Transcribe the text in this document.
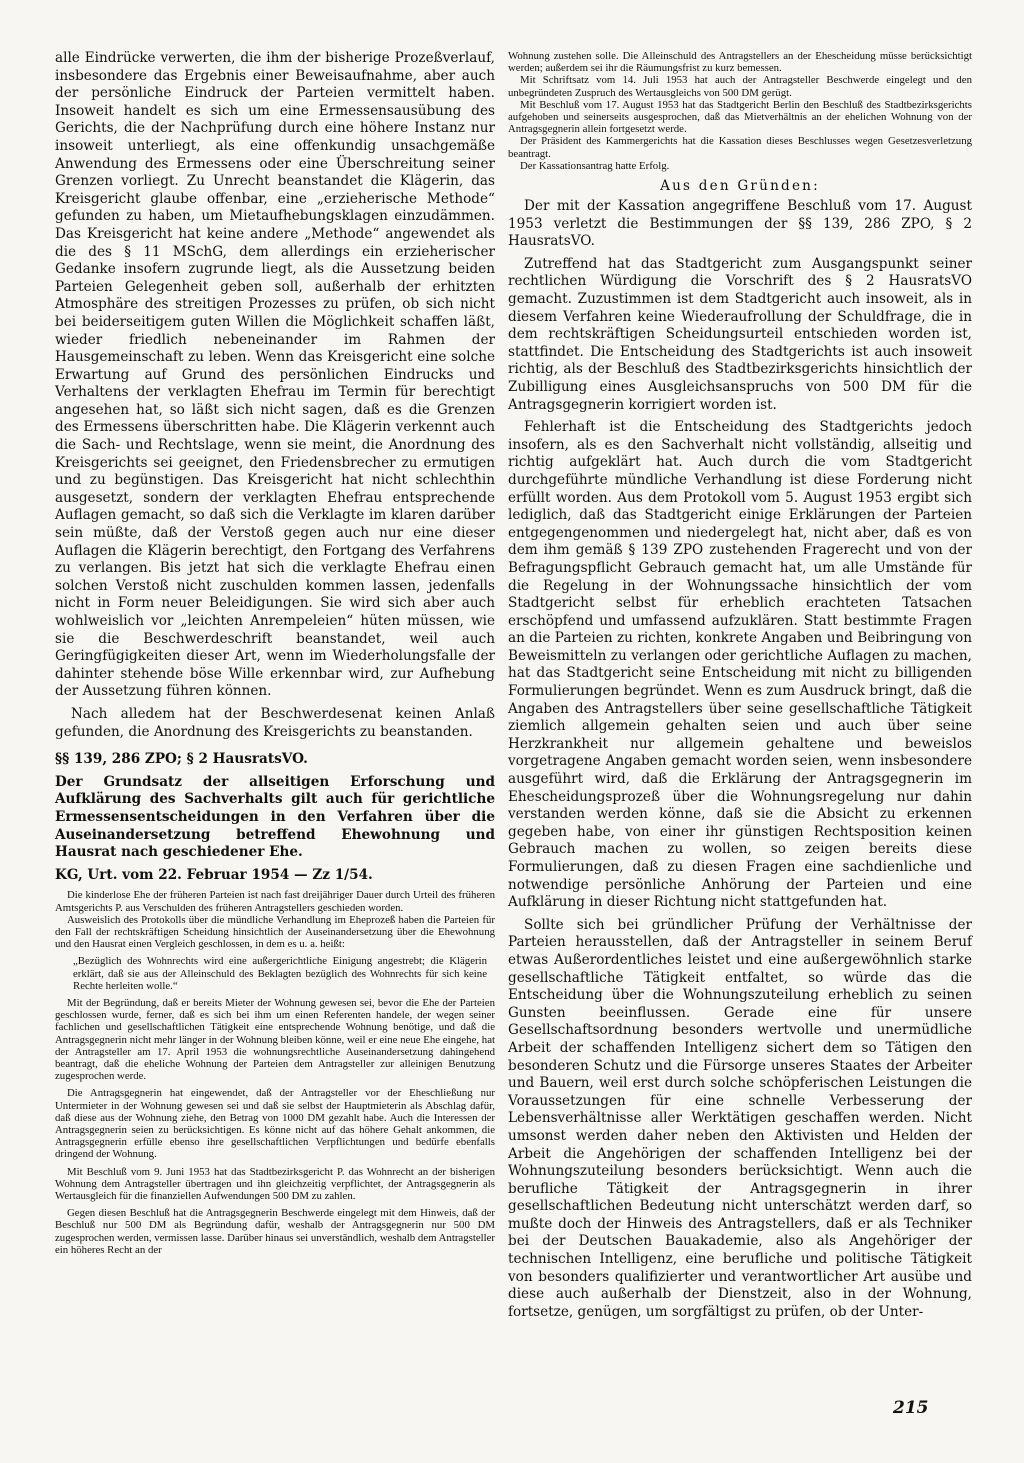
alle Eindrücke verwerten, die ihm der bisherige Prozeßverlauf, insbesondere das Ergebnis einer Beweisaufnahme, aber auch der persönliche Eindruck der Parteien vermittelt haben. Insoweit handelt es sich um eine Ermessensausübung des Gerichts, die der Nachprüfung durch eine höhere Instanz nur insoweit unterliegt, als eine offenkundig unsachgemäße Anwendung des Ermessens oder eine Überschreitung seiner Grenzen vorliegt. Zu Unrecht beanstandet die Klägerin, das Kreisgericht glaube offenbar, eine „erzieherische Methode“ gefunden zu haben, um Mietaufhebungsklagen einzudämmen. Das Kreisgericht hat keine andere „Methode“ angewendet als die des § 11 MSchG, dem allerdings ein erzieherischer Gedanke insofern zugrunde liegt, als die Aussetzung beiden Parteien Gelegenheit geben soll, außerhalb der erhitzten Atmosphäre des streitigen Prozesses zu prüfen, ob sich nicht bei beiderseitigem guten Willen die Möglichkeit schaffen läßt, wieder friedlich nebeneinander im Rahmen der Hausgemeinschaft zu leben. Wenn das Kreisgericht eine solche Erwartung auf Grund des persönlichen Eindrucks und Verhaltens der verklagten Ehefrau im Termin für berechtigt angesehen hat, so läßt sich nicht sagen, daß es die Grenzen des Ermessens überschritten habe. Die Klägerin verkennt auch die Sach- und Rechtslage, wenn sie meint, die Anordnung des Kreisgerichts sei geeignet, den Friedensbrecher zu ermutigen und zu begünstigen. Das Kreisgericht hat nicht schlechthin ausgesetzt, sondern der verklagten Ehefrau entsprechende Auflagen gemacht, so daß sich die Verklagte im klaren darüber sein müßte, daß der Verstoß gegen auch nur eine dieser Auflagen die Klägerin berechtigt, den Fortgang des Verfahrens zu verlangen. Bis jetzt hat sich die verklagte Ehefrau einen solchen Verstoß nicht zuschulden kommen lassen, jedenfalls nicht in Form neuer Beleidigungen. Sie wird sich aber auch wohlweislich vor „leichten Anrempeleien“ hüten müssen, wie sie die Beschwerdeschrift beanstandet, weil auch Geringfügigkeiten dieser Art, wenn im Wiederholungsfalle der dahinter stehende böse Wille erkennbar wird, zur Aufhebung der Aussetzung führen können.

Nach alledem hat der Beschwerdesenat keinen Anlaß gefunden, die Anordnung des Kreisgerichts zu beanstanden.

§§ 139, 286 ZPO; § 2 HausratsVO.

Der Grundsatz der allseitigen Erforschung und Aufklärung des Sachverhalts gilt auch für gerichtliche Ermessensentscheidungen in den Verfahren über die Auseinandersetzung betreffend Ehewohnung und Hausrat nach geschiedener Ehe.

KG, Urt. vom 22. Februar 1954 — Zz 1/54.

Die kinderlose Ehe der früheren Parteien ist nach fast dreijähriger Dauer durch Urteil des früheren Amtsgerichts P. aus Verschulden des früheren Antragstellers geschieden worden.

Ausweislich des Protokolls über die mündliche Verhandlung im Eheprozeß haben die Parteien für den Fall der rechtskräftigen Scheidung hinsichtlich der Auseinandersetzung über die Ehewohnung und den Hausrat einen Vergleich geschlossen, in dem es u. a. heißt:

„Bezüglich des Wohnrechts wird eine außergerichtliche Einigung angestrebt; die Klägerin erklärt, daß sie aus der Alleinschuld des Beklagten bezüglich des Wohnrechts für sich keine Rechte herleiten wolle.“

Mit der Begründung, daß er bereits Mieter der Wohnung gewesen sei, bevor die Ehe der Parteien geschlossen wurde, ferner, daß es sich bei ihm um einen Referenten handele, der wegen seiner fachlichen und gesellschaftlichen Tätigkeit eine entsprechende Wohnung benötige, und daß die Antragsgegnerin nicht mehr länger in der Wohnung bleiben könne, weil er eine neue Ehe eingehe, hat der Antragsteller am 17. April 1953 die wohnungsrechtliche Auseinandersetzung dahingehend beantragt, daß die eheliche Wohnung der Parteien dem Antragsteller zur alleinigen Benutzung zugesprochen werde.

Die Antragsgegnerin hat eingewendet, daß der Antragsteller vor der Eheschließung nur Untermieter in der Wohnung gewesen sei und daß sie selbst der Hauptmieterin als Abschlag dafür, daß diese aus der Wohnung ziehe, den Betrag von 1000 DM gezahlt habe. Auch die Interessen der Antragsgegnerin seien zu berücksichtigen. Es könne nicht auf das höhere Gehalt ankommen, die Antragsgegnerin erfülle ebenso ihre gesellschaftlichen Verpflichtungen und bedürfe ebenfalls dringend der Wohnung.

Mit Beschluß vom 9. Juni 1953 hat das Stadtbezirksgericht P. das Wohnrecht an der bisherigen Wohnung dem Antragsteller übertragen und ihn gleichzeitig verpflichtet, der Antragsgegnerin als Wertausgleich für die finanziellen Aufwendungen 500 DM zu zahlen.

Gegen diesen Beschluß hat die Antragsgegnerin Beschwerde eingelegt mit dem Hinweis, daß der Beschluß nur 500 DM als Begründung dafür, weshalb der Antragsgegnerin nur 500 DM zugesprochen werden, vermissen lasse. Darüber hinaus sei unverständlich, weshalb dem Antragsteller ein höheres Recht an der

Wohnung zustehen solle. Die Alleinschuld des Antragstellers an der Ehescheidung müsse berücksichtigt werden; außerdem sei ihr die Räumungsfrist zu kurz bemessen.

Mit Schriftsatz vom 14. Juli 1953 hat auch der Antragsteller Beschwerde eingelegt und den unbegründeten Zuspruch des Wertausgleichs von 500 DM gerügt.

Mit Beschluß vom 17. August 1953 hat das Stadtgericht Berlin den Beschluß des Stadtbezirksgerichts aufgehoben und seinerseits ausgesprochen, daß das Mietverhältnis an der ehelichen Wohnung von der Antragsgegnerin allein fortgesetzt werde.

Der Präsident des Kammergerichts hat die Kassation dieses Beschlusses wegen Gesetzesverletzung beantragt.

Der Kassationsantrag hatte Erfolg.

Aus den Gründen:

Der mit der Kassation angegriffene Beschluß vom 17. August 1953 verletzt die Bestimmungen der §§ 139, 286 ZPO, § 2 HausratsVO.

Zutreffend hat das Stadtgericht zum Ausgangspunkt seiner rechtlichen Würdigung die Vorschrift des § 2 HausratsVO gemacht. Zuzustimmen ist dem Stadtgericht auch insoweit, als in diesem Verfahren keine Wiederaufrollung der Schuldfrage, die in dem rechtskräftigen Scheidungsurteil entschieden worden ist, stattfindet. Die Entscheidung des Stadtgerichts ist auch insoweit richtig, als der Beschluß des Stadtbezirksgerichts hinsichtlich der Zubilligung eines Ausgleichsanspruchs von 500 DM für die Antragsgegnerin korrigiert worden ist.

Fehlerhaft ist die Entscheidung des Stadtgerichts jedoch insofern, als es den Sachverhalt nicht vollständig, allseitig und richtig aufgeklärt hat. Auch durch die vom Stadtgericht durchgeführte mündliche Verhandlung ist diese Forderung nicht erfüllt worden. Aus dem Protokoll vom 5. August 1953 ergibt sich lediglich, daß das Stadtgericht einige Erklärungen der Parteien entgegengenommen und niedergelegt hat, nicht aber, daß es von dem ihm gemäß § 139 ZPO zustehenden Fragerecht und von der Befragungspflicht Gebrauch gemacht hat, um alle Umstände für die Regelung in der Wohnungssache hinsichtlich der vom Stadtgericht selbst für erheblich erachteten Tatsachen erschöpfend und umfassend aufzuklären. Statt bestimmte Fragen an die Parteien zu richten, konkrete Angaben und Beibringung von Beweismitteln zu verlangen oder gerichtliche Auflagen zu machen, hat das Stadtgericht seine Entscheidung mit nicht zu billigenden Formulierungen begründet. Wenn es zum Ausdruck bringt, daß die Angaben des Antragstellers über seine gesellschaftliche Tätigkeit ziemlich allgemein gehalten seien und auch über seine Herzkrankheit nur allgemein gehaltene und beweislos vorgetragene Angaben gemacht worden seien, wenn insbesondere ausgeführt wird, daß die Erklärung der Antragsgegnerin im Ehescheidungsprozeß über die Wohnungsregelung nur dahin verstanden werden könne, daß sie die Absicht zu erkennen gegeben habe, von einer ihr günstigen Rechtsposition keinen Gebrauch machen zu wollen, so zeigen bereits diese Formulierungen, daß zu diesen Fragen eine sachdienliche und notwendige persönliche Anhörung der Parteien und eine Aufklärung in dieser Richtung nicht stattgefunden hat.

Sollte sich bei gründlicher Prüfung der Verhältnisse der Parteien herausstellen, daß der Antragsteller in seinem Beruf etwas Außerordentliches leistet und eine außergewöhnlich starke gesellschaftliche Tätigkeit entfaltet, so würde das die Entscheidung über die Wohnungszuteilung erheblich zu seinen Gunsten beeinflussen. Gerade eine für unsere Gesellschaftsordnung besonders wertvolle und unermüdliche Arbeit der schaffenden Intelligenz sichert dem so Tätigen den besonderen Schutz und die Fürsorge unseres Staates der Arbeiter und Bauern, weil erst durch solche schöpferischen Leistungen die Voraussetzungen für eine schnelle Verbesserung der Lebensverhältnisse aller Werktätigen geschaffen werden. Nicht umsonst werden daher neben den Aktivisten und Helden der Arbeit die Angehörigen der schaffenden Intelligenz bei der Wohnungszuteilung besonders berücksichtigt. Wenn auch die berufliche Tätigkeit der Antragsgegnerin in ihrer gesellschaftlichen Bedeutung nicht unterschätzt werden darf, so mußte doch der Hinweis des Antragstellers, daß er als Techniker bei der Deutschen Bauakademie, also als Angehöriger der technischen Intelligenz, eine berufliche und politische Tätigkeit von besonders qualifizierter und verantwortlicher Art ausübe und diese auch außerhalb der Dienstzeit, also in der Wohnung, fortsetze, genügen, um sorgfältigst zu prüfen, ob der Unter-

215
